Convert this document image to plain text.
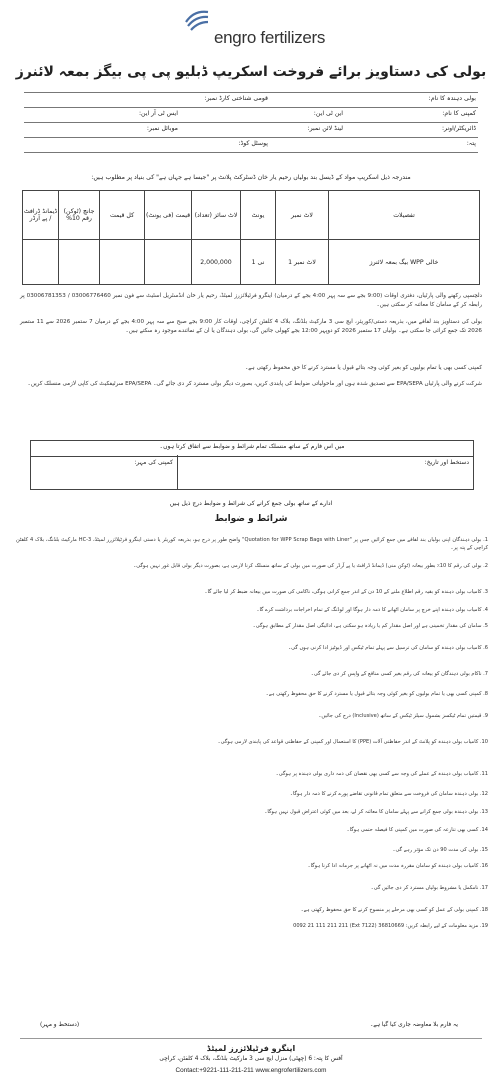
engro fertilizers
بولی کی دستاویز برائے فروخت اسکریپ ڈبلیو پی پی بیگز بمعہ لائنرز
بولی دہندہ کا نام:
قومی شناختی کارڈ نمبر:
کمپنی کا نام:
این ٹی این:
ایس ٹی آر این:
ڈائریکٹر/اونر:
لینڈ لائن نمبر:
موبائل نمبر:
پتہ:
پوسٹل کوڈ:
مندرجہ ذیل اسکریپ مواد کے ڈیسل بند بولیاں رحیم یار خان ڈسٹرکٹ پلانٹ پر "جیسا ہے جہاں ہے" کی بنیاد پر مطلوب ہیں:
تفصیلات	لاٹ نمبر	یونٹ	لاٹ سائز (تعداد)	قیمت (فی یونٹ)	کل قیمت	جانچ (ٹوکن) رقم 10%	ڈیمانڈ ڈرافٹ / پے آرڈر
خالی WPP بیگ بمعہ لائنرز	لاٹ نمبر 1	نی 1	2,000,000				
دلچسپی رکھنے والی پارٹیاں، دفتری اوقات (9:00 بجے سے سہ پہر 4:00 بجے کے درمیان) اینگرو فرٹیلائزرز لمیٹڈ، رحیم یار خان انڈسٹریل اسٹیٹ سے فون نمبر 03006776460 / 03006781353 پر رابطہ کر کے سامان کا معائنہ کر سکتی ہیں۔
بولی کی دستاویز بند لفافے میں، بذریعہ دستی/کوریئر، ایچ سی 3 مارکیٹ بلڈنگ، بلاک 4 کلفٹن کراچی، اوقات کار 9:00 بجے صبح سے سہ پہر 4:00 بجے کے درمیان 7 ستمبر 2026 سے 11 ستمبر 2026 تک جمع کرائی جا سکتی ہے۔ بولیاں 17 ستمبر 2026 کو دوپہر 12:00 بجے کھولی جائیں گی، بولی دہندگان یا ان کے نمائندے موجود رہ سکتے ہیں۔
کمپنی کسی بھی یا تمام بولیوں کو بغیر کوئی وجہ بتائے قبول یا مسترد کرنے کا حق محفوظ رکھتی ہے۔
شرکت کرنے والی پارٹیاں EPA/SEPA سے تصدیق شدہ ہوں اور ماحولیاتی ضوابط کی پابندی کریں، بصورت دیگر بولی مسترد کر دی جائے گی۔ EPA/SEPA سرٹیفکیٹ کی کاپی لازمی منسلک کریں۔
میں اس فارم کے ساتھ منسلک تمام شرائط و ضوابط سے اتفاق کرتا ہوں۔
دستخط اور تاریخ:
کمپنی کی مہر:
ادارے کے ساتھ بولی جمع کرانے کی شرائط و ضوابط درج ذیل ہیں
شرائط و ضوابط
1. بولی دہندگان اپنی بولیاں بند لفافے میں جمع کرائیں جس پر "Quotation for WPP Scrap Bags with Liner" واضح طور پر درج ہو، بذریعہ کوریئر یا دستی اینگرو فرٹیلائزرز لمیٹڈ، HC-3 مارکیٹ بلڈنگ، بلاک 4 کلفٹن کراچی کے پتہ پر۔
2. بولی کی رقم کا 10٪ بطور بیعانہ (ٹوکن منی) ڈیمانڈ ڈرافٹ یا پے آرڈر کی صورت میں بولی کے ساتھ منسلک کرنا لازمی ہے، بصورت دیگر بولی قابل غور نہیں ہوگی۔
3. کامیاب بولی دہندہ کو بقیہ رقم اطلاع ملنے کے 10 دن کے اندر جمع کرانی ہوگی، ناکامی کی صورت میں بیعانہ ضبط کر لیا جائے گا۔
4. کامیاب بولی دہندہ اپنے خرچ پر سامان اٹھانے کا ذمہ دار ہوگا اور لوڈنگ کے تمام اخراجات برداشت کرے گا۔
5. سامان کی مقدار تخمینی ہے اور اصل مقدار کم یا زیادہ ہو سکتی ہے، ادائیگی اصل مقدار کے مطابق ہوگی۔
6. کامیاب بولی دہندہ کو سامان کی ترسیل سے پہلے تمام ٹیکس اور ڈیوٹیز ادا کرنی ہوں گی۔
7. ناکام بولی دہندگان کو بیعانہ کی رقم بغیر کسی منافع کے واپس کر دی جائے گی۔
8. کمپنی کسی بھی یا تمام بولیوں کو بغیر کوئی وجہ بتائے قبول یا مسترد کرنے کا حق محفوظ رکھتی ہے۔
9. قیمتیں تمام ٹیکسز بشمول سیلز ٹیکس کے ساتھ (Inclusive) درج کی جائیں۔
10. کامیاب بولی دہندہ کو پلانٹ کے اندر حفاظتی آلات (PPE) کا استعمال اور کمپنی کے حفاظتی قواعد کی پابندی لازمی ہوگی۔
11. کامیاب بولی دہندہ کے عملے کی وجہ سے کسی بھی نقصان کی ذمہ داری بولی دہندہ پر ہوگی۔
12. بولی دہندہ سامان کی فروخت سے متعلق تمام قانونی تقاضے پورے کرنے کا ذمہ دار ہوگا۔
13. بولی دہندہ بولی جمع کرانے سے پہلے سامان کا معائنہ کر لے، بعد میں کوئی اعتراض قبول نہیں ہوگا۔
14. کسی بھی تنازعہ کی صورت میں کمپنی کا فیصلہ حتمی ہوگا۔
15. بولی کی مدت 90 دن تک مؤثر رہے گی۔
16. کامیاب بولی دہندہ کو سامان مقررہ مدت میں نہ اٹھانے پر جرمانہ ادا کرنا ہوگا۔
17. نامکمل یا مشروط بولیاں مسترد کر دی جائیں گی۔
18. کمپنی بولی کے عمل کو کسی بھی مرحلے پر منسوخ کرنے کا حق محفوظ رکھتی ہے۔
19. مزید معلومات کے لیے رابطہ کریں: 36810669 (7122 Ext) 0092 21 111 211 211
(دستخط و مہر)	یہ فارم بلا معاوضہ جاری کیا گیا ہے۔
اینگرو فرٹیلائزرز لمیٹڈ
آفس کا پتہ: 6 (چھٹی) منزل ایچ سی 3 مارکیٹ بلڈنگ، بلاک 4 کلفٹن، کراچی
Contact:+9221-111-211-211 www.engrofertilizers.com
